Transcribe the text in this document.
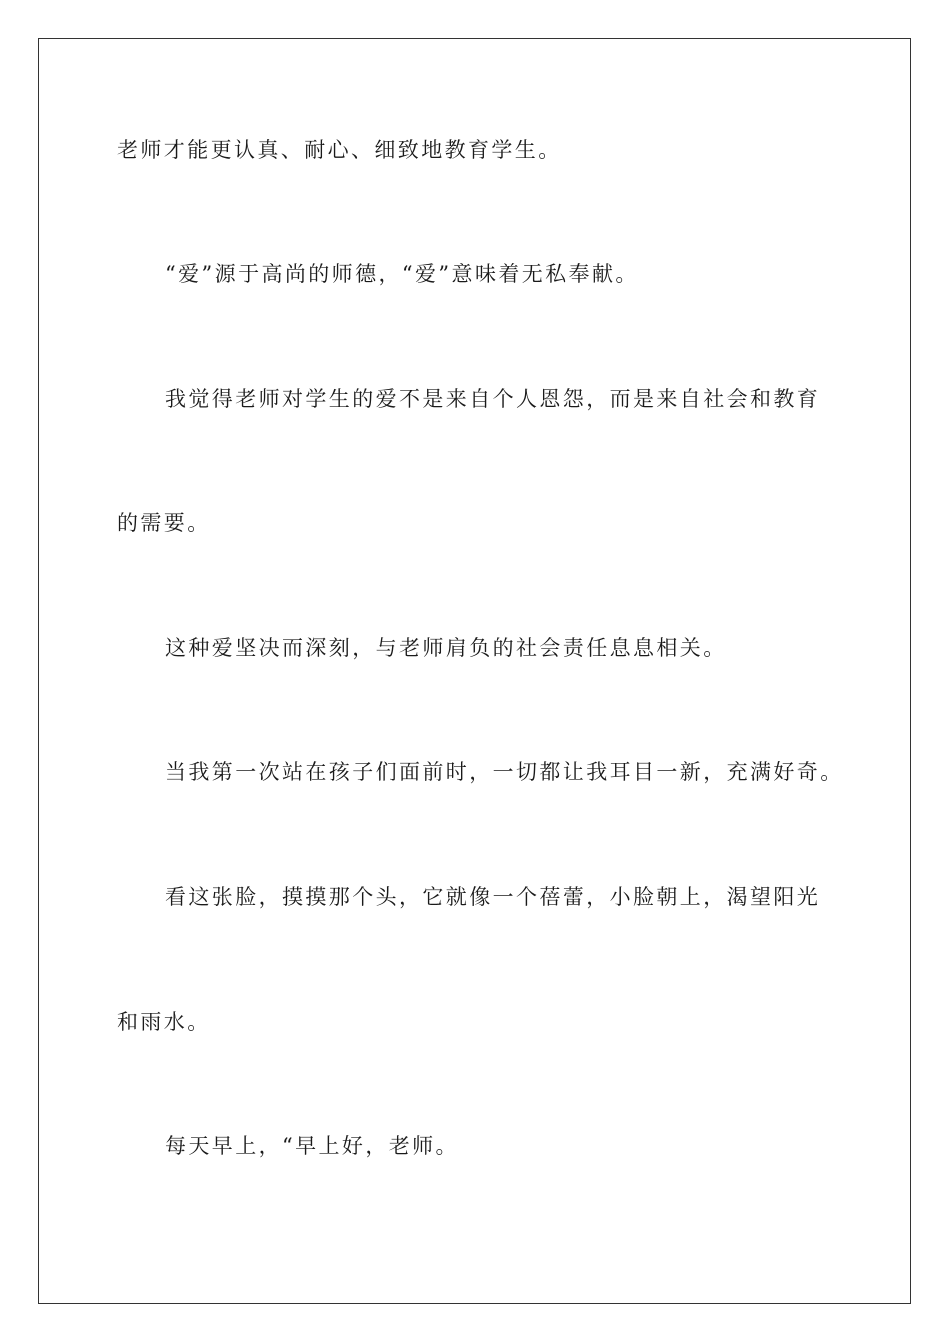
老师才能更认真、耐心、细致地教育学生。
“爱”源于高尚的师德，“爱”意味着无私奉献。
我觉得老师对学生的爱不是来自个人恩怨，而是来自社会和教育
的需要。
这种爱坚决而深刻，与老师肩负的社会责任息息相关。
当我第一次站在孩子们面前时，一切都让我耳目一新，充满好奇。
看这张脸，摸摸那个头，它就像一个蓓蕾，小脸朝上，渴望阳光
和雨水。
每天早上，“早上好，老师。
